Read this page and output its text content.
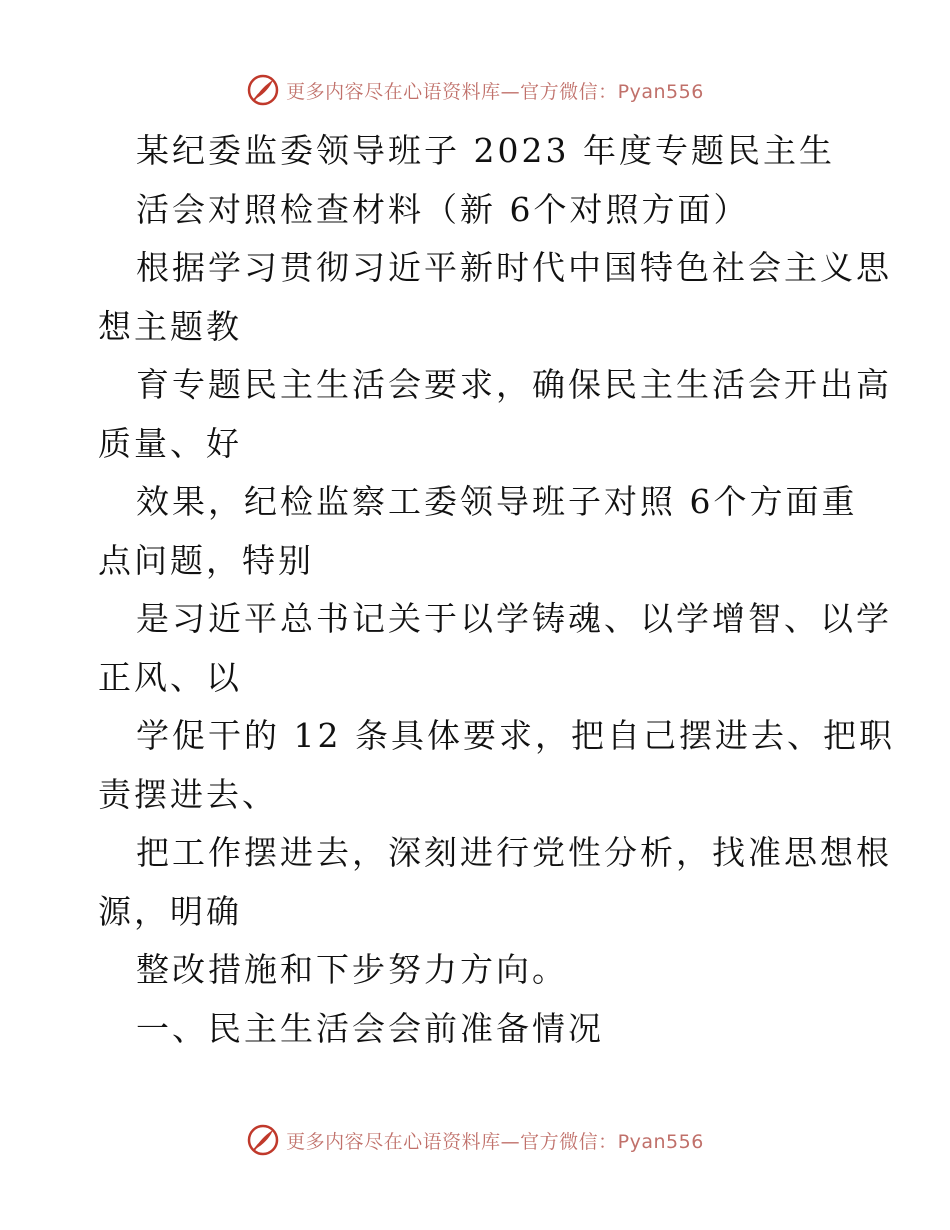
更多内容尽在心语资料库—官方微信：Pyan556
某纪委监委领导班子 2023 年度专题民主生
活会对照检查材料（新 6个对照方面）
根据学习贯彻习近平新时代中国特色社会主义思
想主题教
育专题民主生活会要求，确保民主生活会开出高
质量、好
效果，纪检监察工委领导班子对照 6个方面重
点问题，特别
是习近平总书记关于以学铸魂、以学增智、以学
正风、以
学促干的 12 条具体要求，把自己摆进去、把职
责摆进去、
把工作摆进去，深刻进行党性分析，找准思想根
源，明确
整改措施和下步努力方向。
一、民主生活会会前准备情况
更多内容尽在心语资料库—官方微信：Pyan556
